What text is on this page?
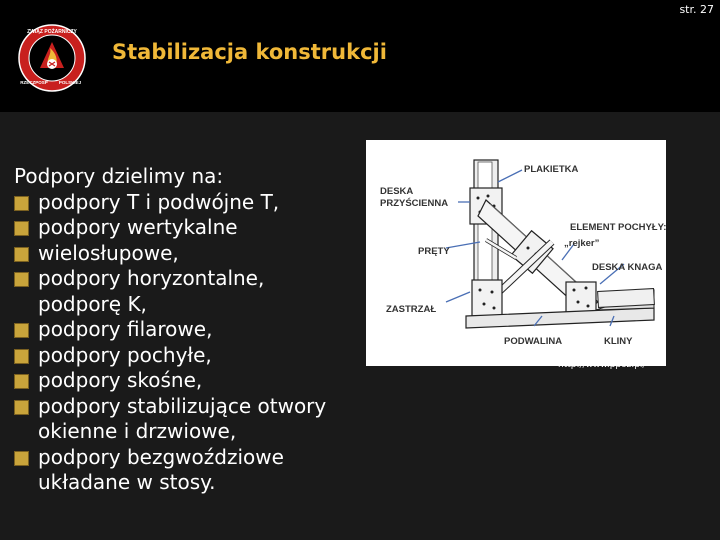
str. 27
ZWIĄZ POŻARNICZY
RZECZPOSP POLSKIEJ
Stabilizacja konstrukcji

Podpory dzielimy na:

podpory T i podwójne T,
podpory wertykalne
wielosłupowe,
podpory horyzontalne,
podporę K,
podpory filarowe,
podpory pochyłe,
podpory skośne,
podpory stabilizujące otwory
okienne i drzwiowe,
podpory bezgwoździowe
układane w stosy.
PLAKIETKA
DESKA
PRZYŚCIENNA
ELEMENT POCHYŁY:
„rejker”
PRĘTY
DESKA KNAGA
ZASTRZAŁ
KLINY
PODWALINA
http://www.ppoz.pl/
